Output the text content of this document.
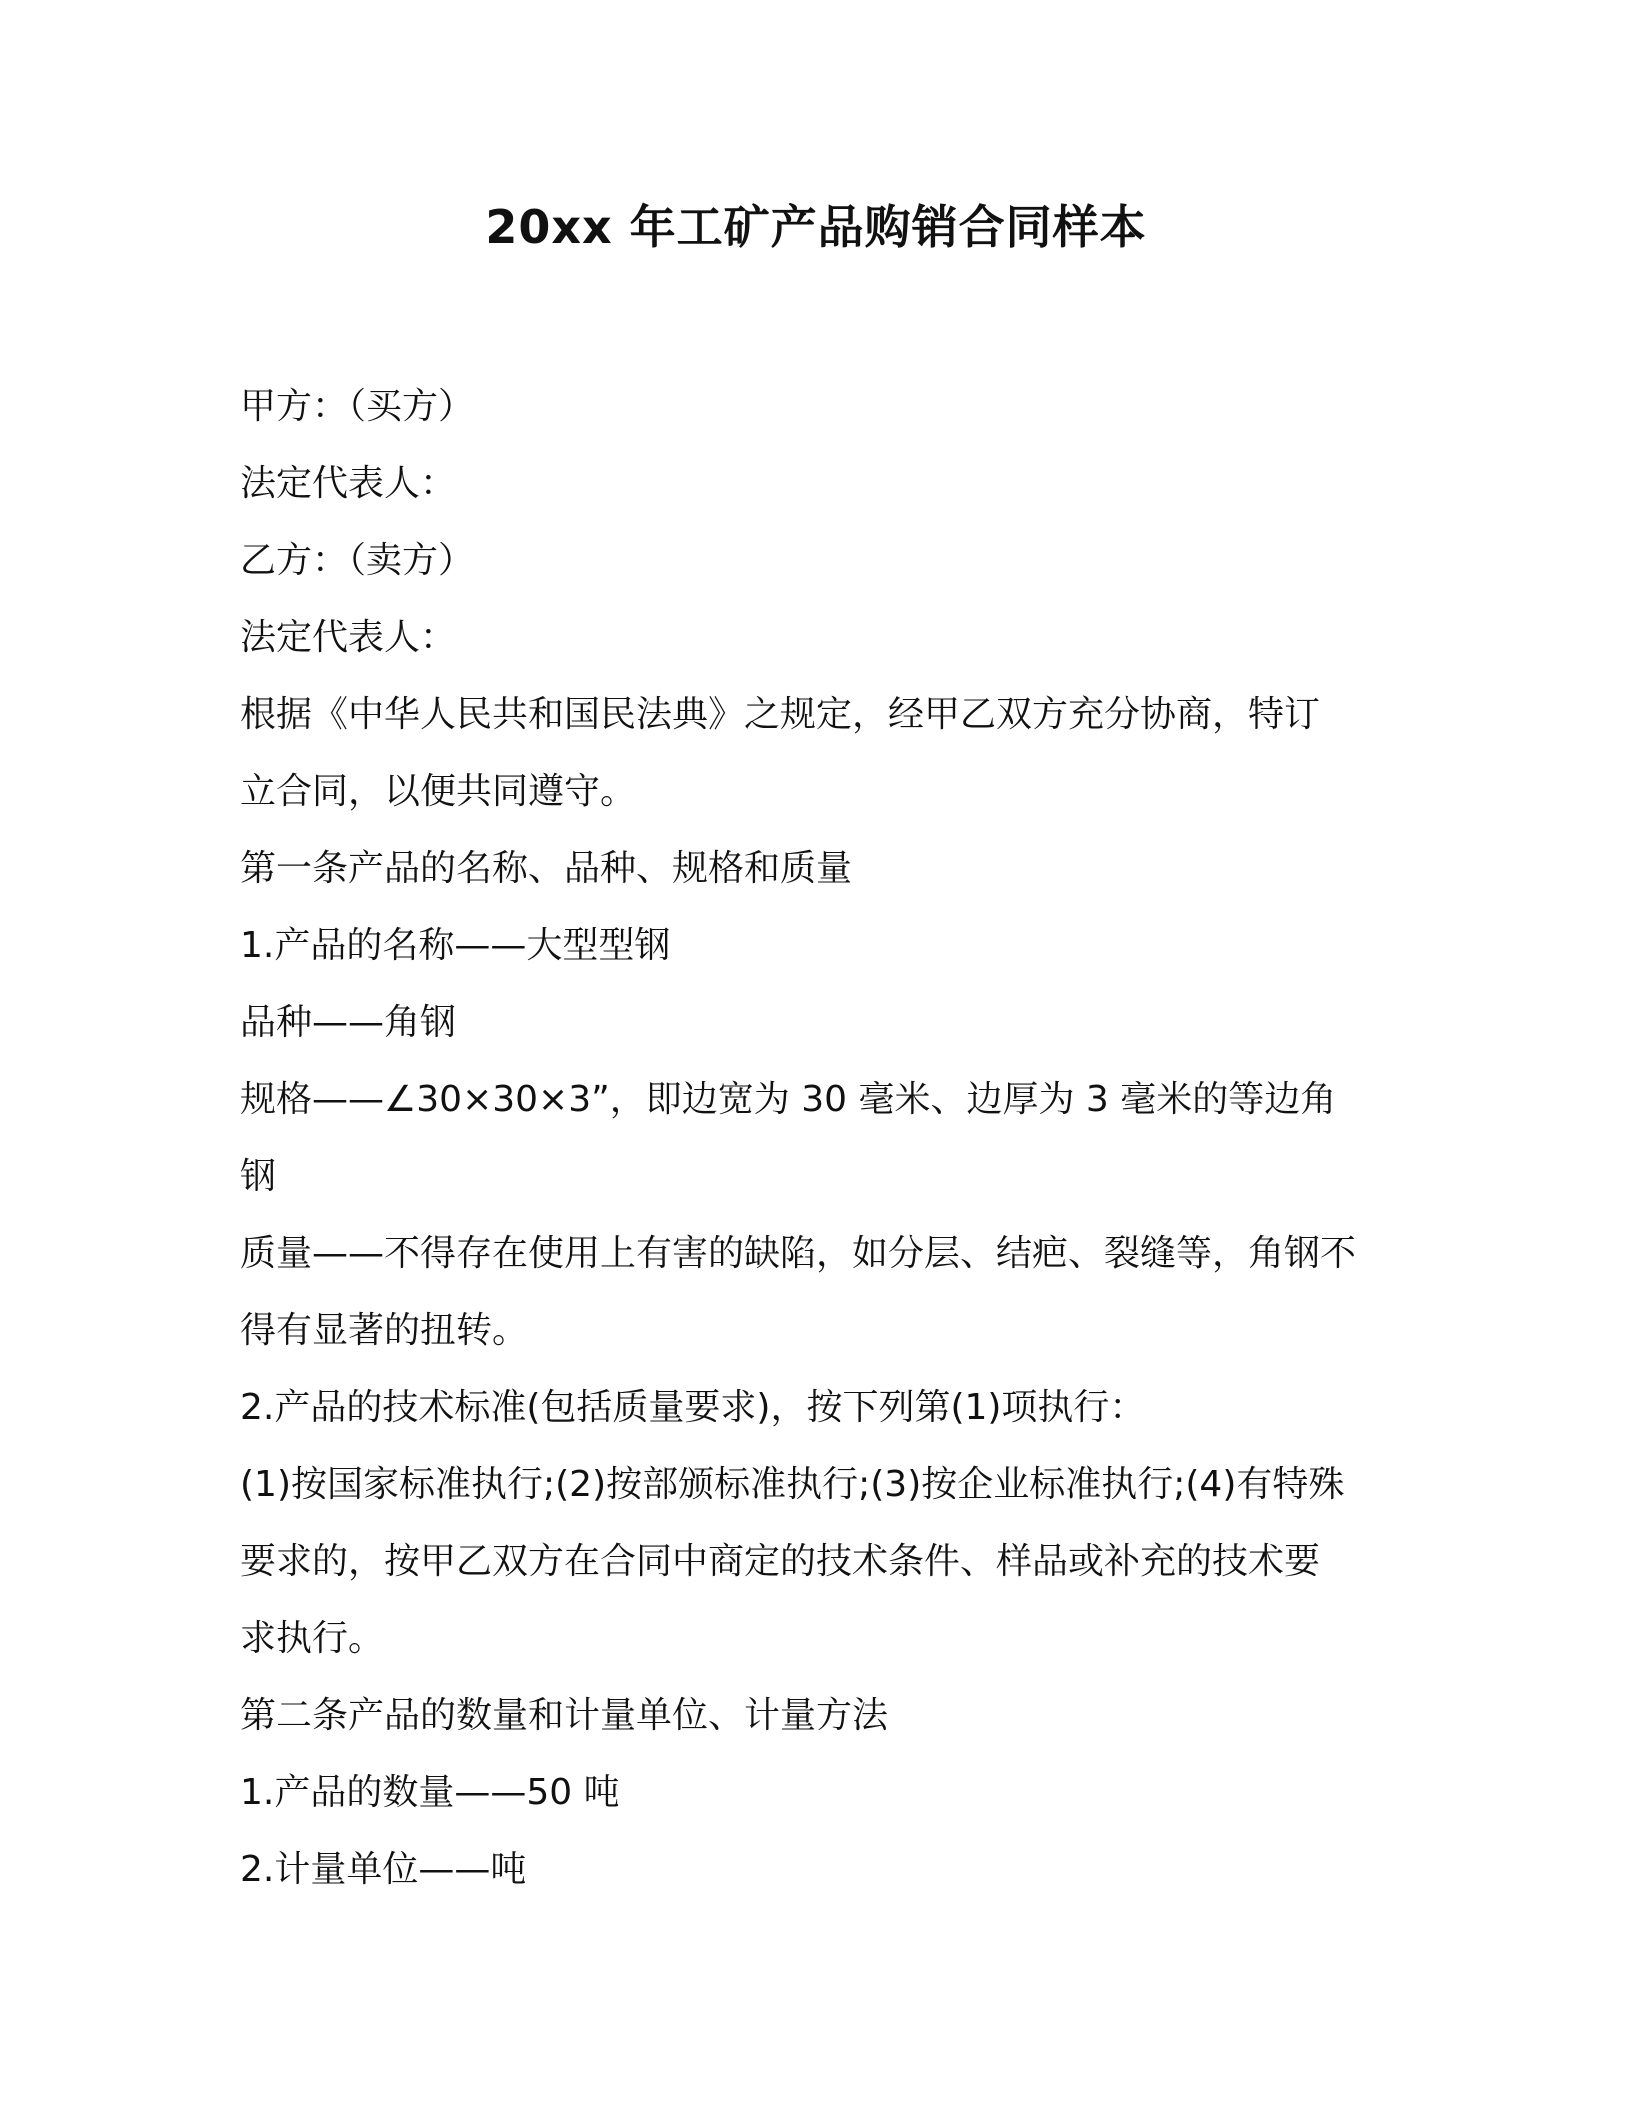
20xx 年工矿产品购销合同样本

甲方：（买方）

法定代表人：

乙方：（卖方）

法定代表人：

根据《中华人民共和国民法典》之规定，经甲乙双方充分协商，特订

立合同，以便共同遵守。

第一条产品的名称、品种、规格和质量

1.产品的名称——大型型钢

品种——角钢

规格——∠30×30×3”，即边宽为 30 毫米、边厚为 3 毫米的等边角

钢

质量——不得存在使用上有害的缺陷，如分层、结疤、裂缝等，角钢不

得有显著的扭转。

2.产品的技术标准(包括质量要求)，按下列第(1)项执行：

(1)按国家标准执行;(2)按部颁标准执行;(3)按企业标准执行;(4)有特殊

要求的，按甲乙双方在合同中商定的技术条件、样品或补充的技术要

求执行。

第二条产品的数量和计量单位、计量方法

1.产品的数量——50 吨

2.计量单位——吨
